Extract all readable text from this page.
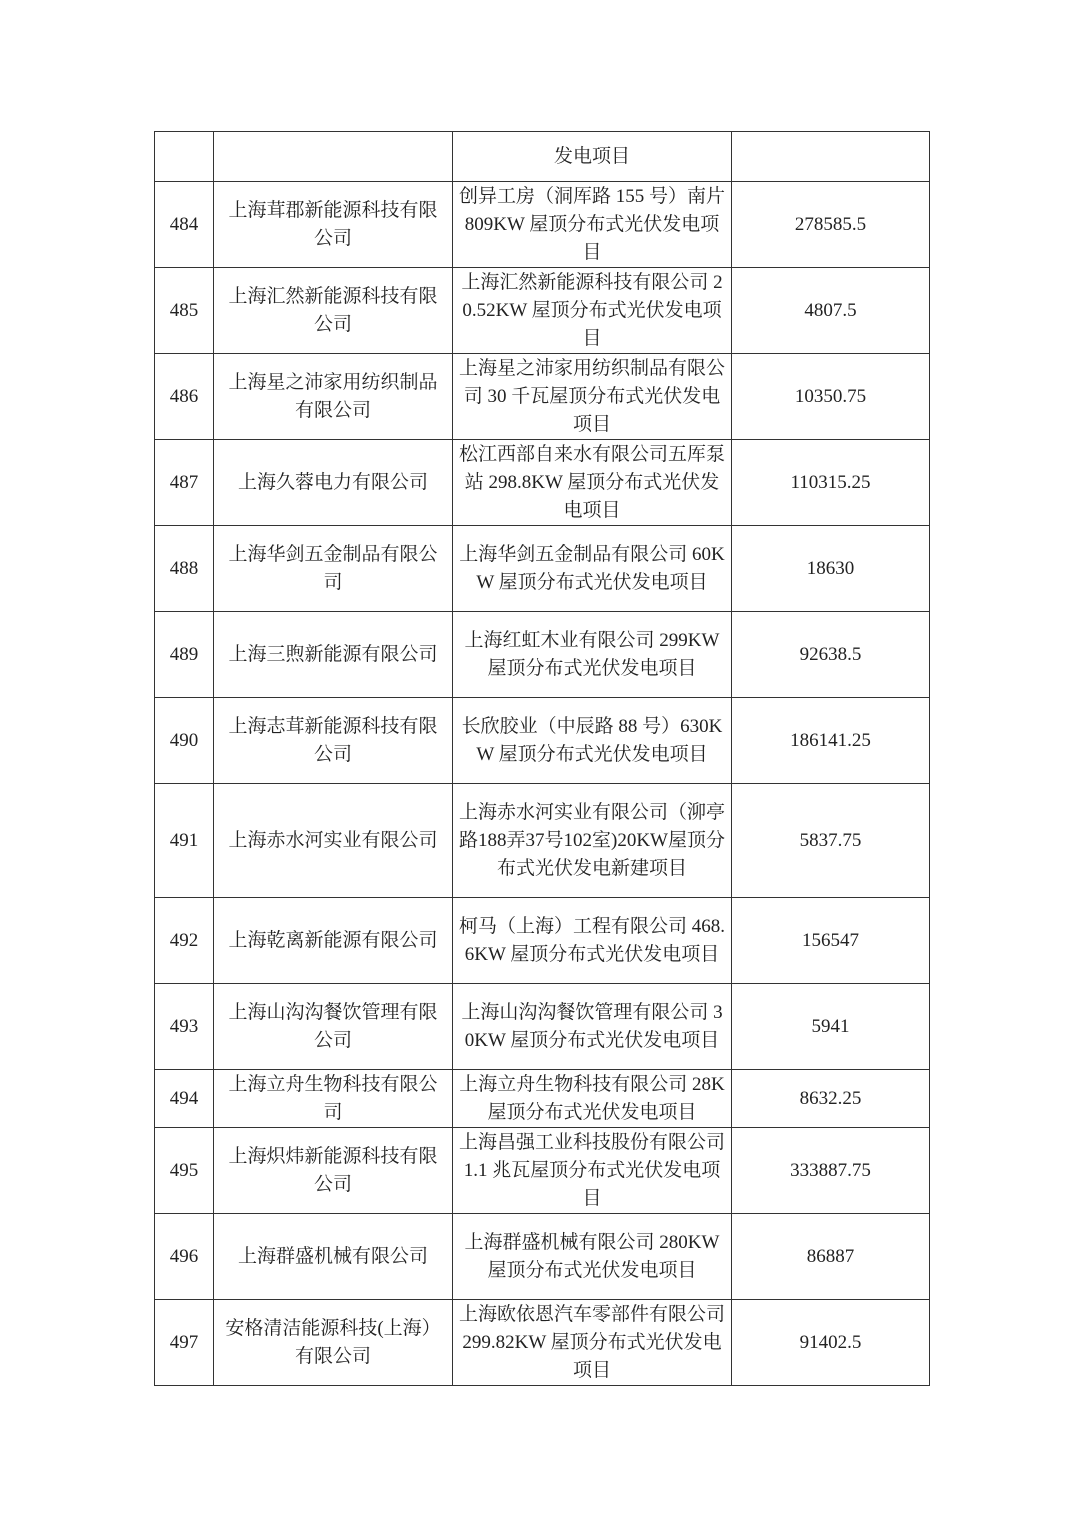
		发电项目	

484	上海茸郡新能源科技有限公司	创异工房（洞厍路 155 号）南片 809KW 屋顶分布式光伏发电项目	278585.5

485	上海汇然新能源科技有限公司	上海汇然新能源科技有限公司 20.52KW 屋顶分布式光伏发电项目	4807.5

486	上海星之沛家用纺织制品有限公司	上海星之沛家用纺织制品有限公司 30 千瓦屋顶分布式光伏发电项目	10350.75

487	上海久蓉电力有限公司	松江西部自来水有限公司五厍泵站 298.8KW 屋顶分布式光伏发电项目	110315.25

488	上海华剑五金制品有限公司	上海华剑五金制品有限公司 60KW 屋顶分布式光伏发电项目	18630

489	上海三煦新能源有限公司	上海红虹木业有限公司 299KW 屋顶分布式光伏发电项目	92638.5

490	上海志茸新能源科技有限公司	长欣胶业（中辰路 88 号）630KW 屋顶分布式光伏发电项目	186141.25

491	上海赤水河实业有限公司	上海赤水河实业有限公司（泖亭路188弄37号102室)20KW屋顶分布式光伏发电新建项目	5837.75

492	上海乾离新能源有限公司	柯马（上海）工程有限公司 468.6KW 屋顶分布式光伏发电项目	156547

493	上海山沟沟餐饮管理有限公司	上海山沟沟餐饮管理有限公司 30KW 屋顶分布式光伏发电项目	5941

494	上海立舟生物科技有限公司	上海立舟生物科技有限公司 28K 屋顶分布式光伏发电项目	8632.25

495	上海炽炜新能源科技有限公司	上海昌强工业科技股份有限公司 1.1 兆瓦屋顶分布式光伏发电项目	333887.75

496	上海群盛机械有限公司	上海群盛机械有限公司 280KW 屋顶分布式光伏发电项目	86887

497	安格清洁能源科技(上海）有限公司	上海欧依恩汽车零部件有限公司 299.82KW 屋顶分布式光伏发电项目	91402.5
